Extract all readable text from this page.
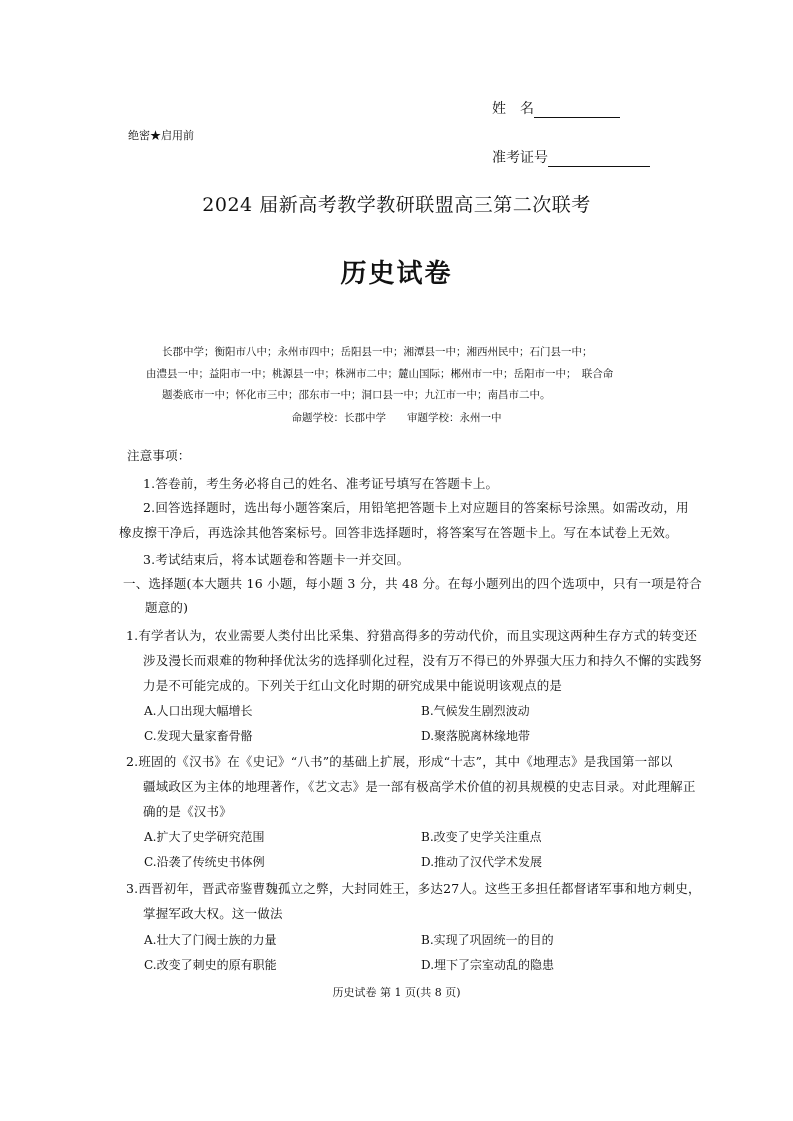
姓　名
绝密★启用前
准考证号
2024 届新高考教学教研联盟高三第二次联考
历史试卷
长郡中学；衡阳市八中；永州市四中；岳阳县一中；湘潭县一中；湘西州民中；石门县一中；
由澧县一中；益阳市一中；桃源县一中；株洲市二中；麓山国际；郴州市一中；岳阳市一中；　联合命
题娄底市一中；怀化市三中；邵东市一中；洞口县一中；九江市一中；南昌市二中。
命题学校：长郡中学　　审题学校：永州一中
注意事项：
1.答卷前，考生务必将自己的姓名、准考证号填写在答题卡上。
2.回答选择题时，选出每小题答案后，用铅笔把答题卡上对应题目的答案标号涂黑。如需改动，用
橡皮擦干净后，再选涂其他答案标号。回答非选择题时，将答案写在答题卡上。写在本试卷上无效。
3.考试结束后，将本试题卷和答题卡一并交回。
一、选择题(本大题共 16 小题，每小题 3 分，共 48 分。在每小题列出的四个选项中，只有一项是符合
题意的)
1.有学者认为，农业需要人类付出比采集、狩猎高得多的劳动代价，而且实现这两种生存方式的转变还
涉及漫长而艰难的物种择优汰劣的选择驯化过程，没有万不得已的外界强大压力和持久不懈的实践努
力是不可能完成的。下列关于红山文化时期的研究成果中能说明该观点的是
A.人口出现大幅增长	B.气候发生剧烈波动
C.发现大量家畜骨骼	D.聚落脱离林缘地带
2.班固的《汉书》在《史记》“八书”的基础上扩展，形成“十志”，其中《地理志》是我国第一部以
疆域政区为主体的地理著作，《艺文志》是一部有极高学术价值的初具规模的史志目录。对此理解正
确的是《汉书》
A.扩大了史学研究范围	B.改变了史学关注重点
C.沿袭了传统史书体例	D.推动了汉代学术发展
3.西晋初年，晋武帝鉴曹魏孤立之弊，大封同姓王，多达27人。这些王多担任都督诸军事和地方刺史，
掌握军政大权。这一做法
A.壮大了门阀士族的力量	B.实现了巩固统一的目的
C.改变了刺史的原有职能	D.埋下了宗室动乱的隐患
历史试卷 第 1 页(共 8 页)
